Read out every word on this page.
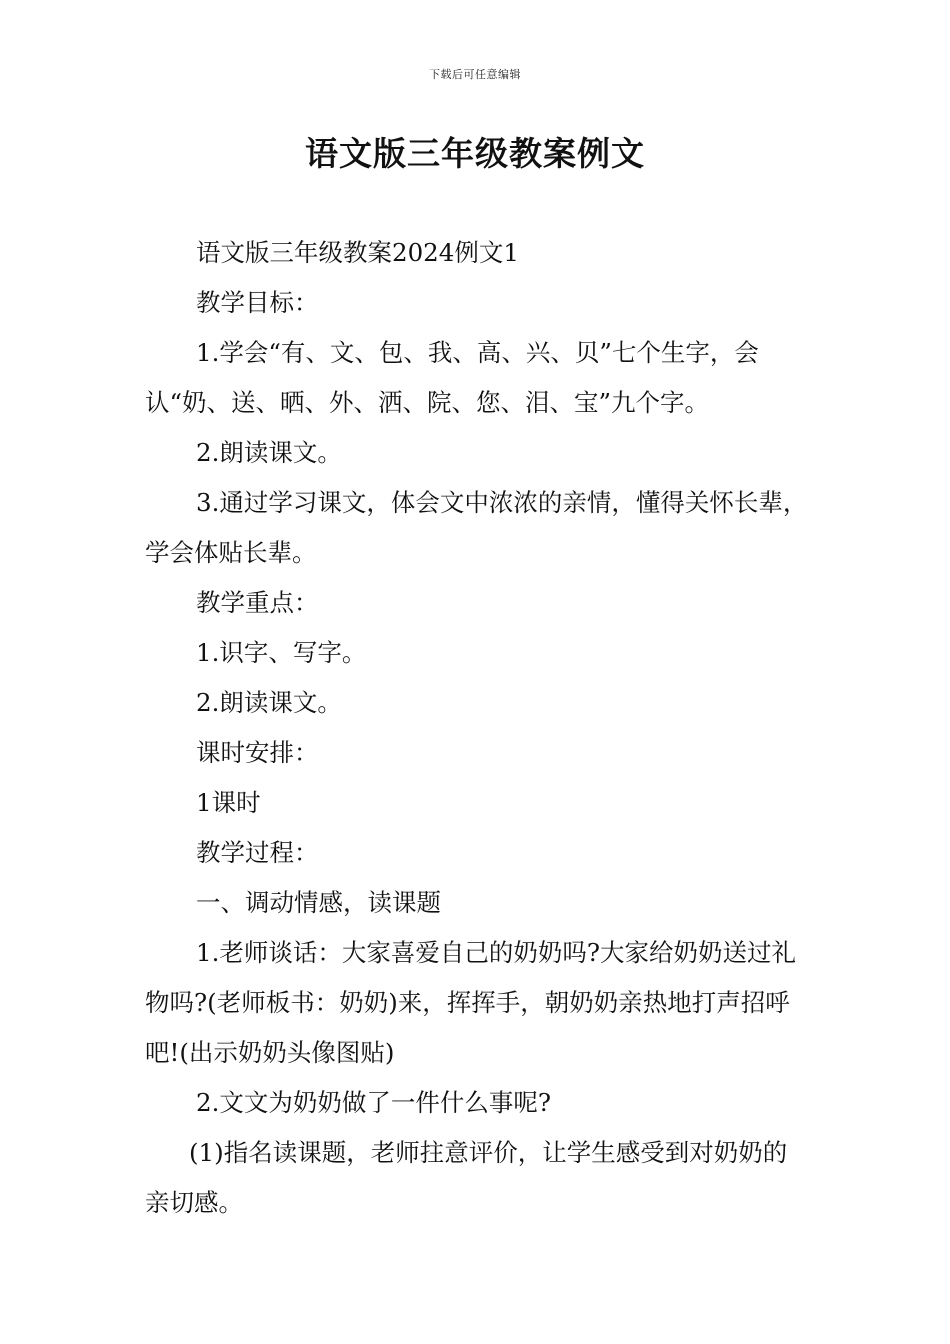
下载后可任意编辑
语文版三年级教案例文

语文版三年级教案2024例文1

教学目标：

1.学会“有、文、包、我、高、兴、贝”七个生字，会认“奶、送、晒、外、洒、院、您、泪、宝”九个字。

2.朗读课文。

3.通过学习课文，体会文中浓浓的亲情，懂得关怀长辈，学会体贴长辈。

教学重点：

1.识字、写字。

2.朗读课文。

课时安排：

1课时

教学过程：

一、调动情感，读课题

1.老师谈话：大家喜爱自己的奶奶吗?大家给奶奶送过礼物吗?(老师板书：奶奶)来，挥挥手，朝奶奶亲热地打声招呼吧!(出示奶奶头像图贴)

2.文文为奶奶做了一件什么事呢?

(1)指名读课题，老师拄意评价，让学生感受到对奶奶的亲切感。
